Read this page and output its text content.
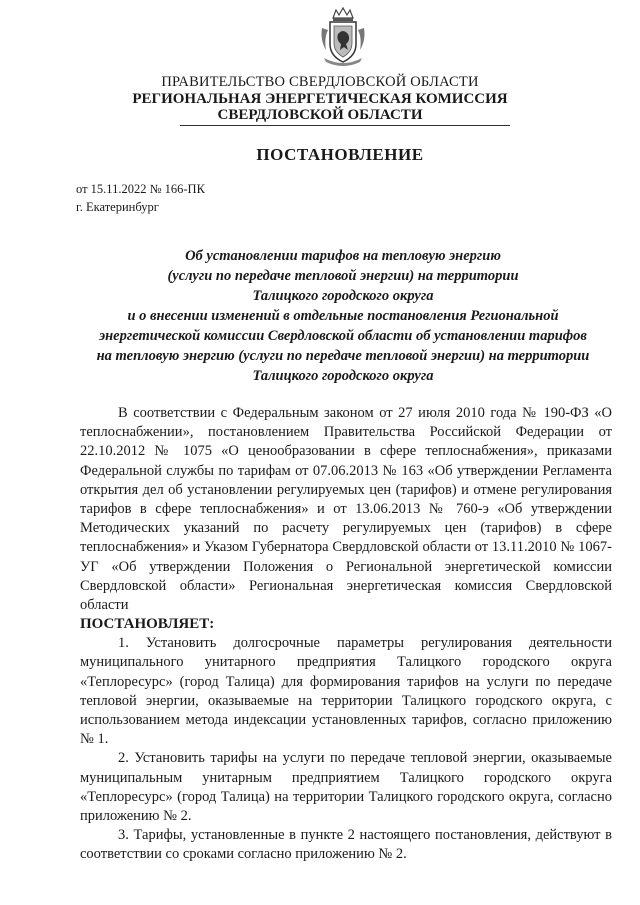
ПРАВИТЕЛЬСТВО СВЕРДЛОВСКОЙ ОБЛАСТИ
РЕГИОНАЛЬНАЯ ЭНЕРГЕТИЧЕСКАЯ КОМИССИЯ
СВЕРДЛОВСКОЙ ОБЛАСТИ
ПОСТАНОВЛЕНИЕ
от 15.11.2022 № 166-ПК
г. Екатеринбург
Об установлении тарифов на тепловую энергию
(услуги по передаче тепловой энергии) на территории
Талицкого городского округа
и о внесении изменений в отдельные постановления Региональной
энергетической комиссии Свердловской области об установлении тарифов
на тепловую энергию (услуги по передаче тепловой энергии) на территории
Талицкого городского округа

В соответствии с Федеральным законом от 27 июля 2010 года № 190-ФЗ «О теплоснабжении», постановлением Правительства Российской Федерации от 22.10.2012 № 1075 «О ценообразовании в сфере теплоснабжения», приказами Федеральной службы по тарифам от 07.06.2013 № 163 «Об утверждении Регламента открытия дел об установлении регулируемых цен (тарифов) и отмене регулирования тарифов в сфере теплоснабжения» и от 13.06.2013 № 760-э «Об утверждении Методических указаний по расчету регулируемых цен (тарифов) в сфере теплоснабжения» и Указом Губернатора Свердловской области от 13.11.2010 № 1067-УГ «Об утверждении Положения о Региональной энергетической комиссии Свердловской области» Региональная энергетическая комиссия Свердловской области

ПОСТАНОВЛЯЕТ:

1. Установить долгосрочные параметры регулирования деятельности муниципального унитарного предприятия Талицкого городского округа «Теплоресурс» (город Талица) для формирования тарифов на услуги по передаче тепловой энергии, оказываемые на территории Талицкого городского округа, с использованием метода индексации установленных тарифов, согласно приложению № 1.

2. Установить тарифы на услуги по передаче тепловой энергии, оказываемые муниципальным унитарным предприятием Талицкого городского округа «Теплоресурс» (город Талица) на территории Талицкого городского округа, согласно приложению № 2.

3. Тарифы, установленные в пункте 2 настоящего постановления, действуют в соответствии со сроками согласно приложению № 2.
